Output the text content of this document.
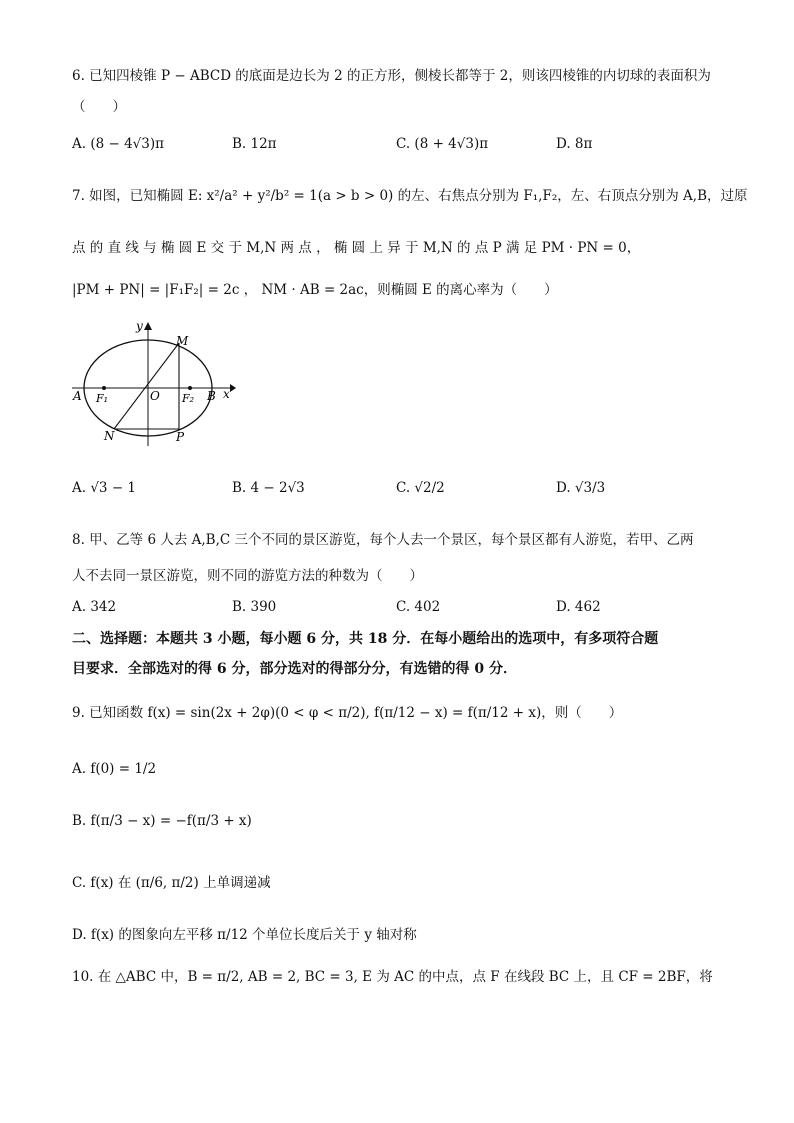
6. 已知四棱锥 P − ABCD 的底面是边长为 2 的正方形，侧棱长都等于 2，则该四棱锥的内切球的表面积为
（　　）
A. (8 − 4√3)π	B. 12π	C. (8 + 4√3)π	D. 8π
7. 如图，已知椭圆 E: x²/a² + y²/b² = 1(a > b > 0) 的左、右焦点分别为 F₁,F₂，左、右顶点分别为 A,B，过原
点 的 直 线 与 椭 圆 E 交 于 M,N 两 点 ， 椭 圆 上 异 于 M,N 的 点 P 满 足 PM · PN = 0，
|PM + PN| = |F₁F₂| = 2c ， NM · AB = 2ac，则椭圆 E 的离心率为（　　）
y
x
M
O
A F₁	F₂ B
N	P
A. √3 − 1	B. 4 − 2√3	C. √2/2	D. √3/3
8. 甲、乙等 6 人去 A,B,C 三个不同的景区游览，每个人去一个景区，每个景区都有人游览，若甲、乙两
人不去同一景区游览，则不同的游览方法的种数为（　　）
A. 342	B. 390	C. 402	D. 462
二、选择题：本题共 3 小题，每小题 6 分，共 18 分．在每小题给出的选项中，有多项符合题
目要求．全部选对的得 6 分，部分选对的得部分分，有选错的得 0 分．
9. 已知函数 f(x) = sin(2x + 2φ)(0 < φ < π/2), f(π/12 − x) = f(π/12 + x)，则（　　）
A. f(0) = 1/2
B. f(π/3 − x) = −f(π/3 + x)
C. f(x) 在 (π/6, π/2) 上单调递减
D. f(x) 的图象向左平移 π/12 个单位长度后关于 y 轴对称
10. 在 △ABC 中，B = π/2, AB = 2, BC = 3, E 为 AC 的中点，点 F 在线段 BC 上，且 CF = 2BF，将
